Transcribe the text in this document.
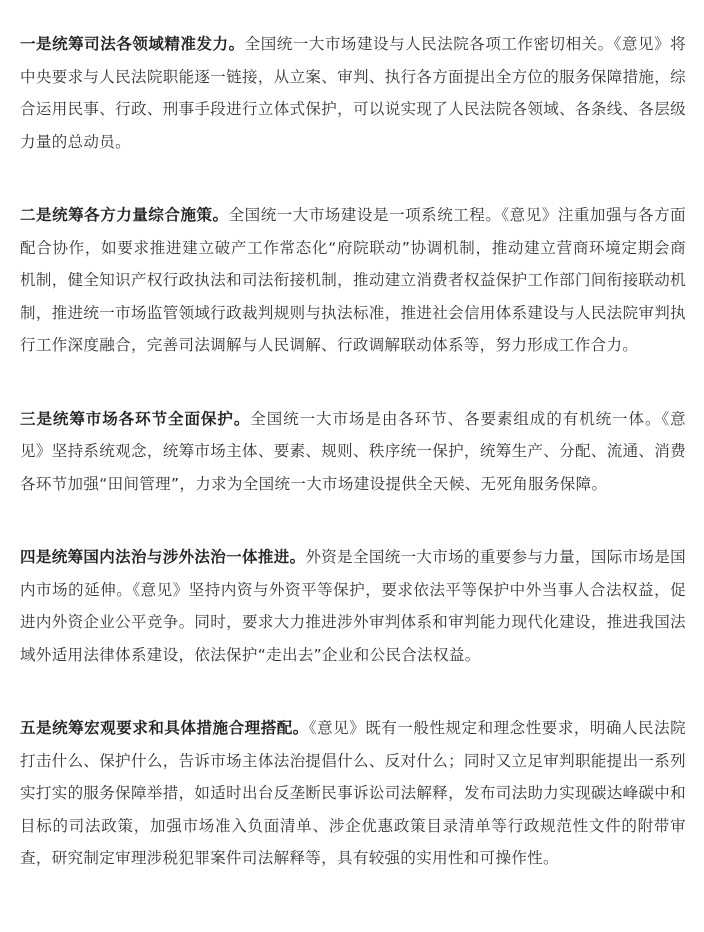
一是统筹司法各领域精准发力。全国统一大市场建设与人民法院各项工作密切相关。《意见》将中央要求与人民法院职能逐一链接，从立案、审判、执行各方面提出全方位的服务保障措施，综合运用民事、行政、刑事手段进行立体式保护，可以说实现了人民法院各领域、各条线、各层级力量的总动员。

二是统筹各方力量综合施策。全国统一大市场建设是一项系统工程。《意见》注重加强与各方面配合协作，如要求推进建立破产工作常态化“府院联动”协调机制，推动建立营商环境定期会商机制，健全知识产权行政执法和司法衔接机制，推动建立消费者权益保护工作部门间衔接联动机制，推进统一市场监管领域行政裁判规则与执法标准，推进社会信用体系建设与人民法院审判执行工作深度融合，完善司法调解与人民调解、行政调解联动体系等，努力形成工作合力。

三是统筹市场各环节全面保护。全国统一大市场是由各环节、各要素组成的有机统一体。《意见》坚持系统观念，统筹市场主体、要素、规则、秩序统一保护，统筹生产、分配、流通、消费各环节加强“田间管理”，力求为全国统一大市场建设提供全天候、无死角服务保障。

四是统筹国内法治与涉外法治一体推进。外资是全国统一大市场的重要参与力量，国际市场是国内市场的延伸。《意见》坚持内资与外资平等保护，要求依法平等保护中外当事人合法权益，促进内外资企业公平竞争。同时，要求大力推进涉外审判体系和审判能力现代化建设，推进我国法域外适用法律体系建设，依法保护“走出去”企业和公民合法权益。

五是统筹宏观要求和具体措施合理搭配。《意见》既有一般性规定和理念性要求，明确人民法院打击什么、保护什么，告诉市场主体法治提倡什么、反对什么；同时又立足审判职能提出一系列实打实的服务保障举措，如适时出台反垄断民事诉讼司法解释，发布司法助力实现碳达峰碳中和目标的司法政策，加强市场准入负面清单、涉企优惠政策目录清单等行政规范性文件的附带审查，研究制定审理涉税犯罪案件司法解释等，具有较强的实用性和可操作性。
